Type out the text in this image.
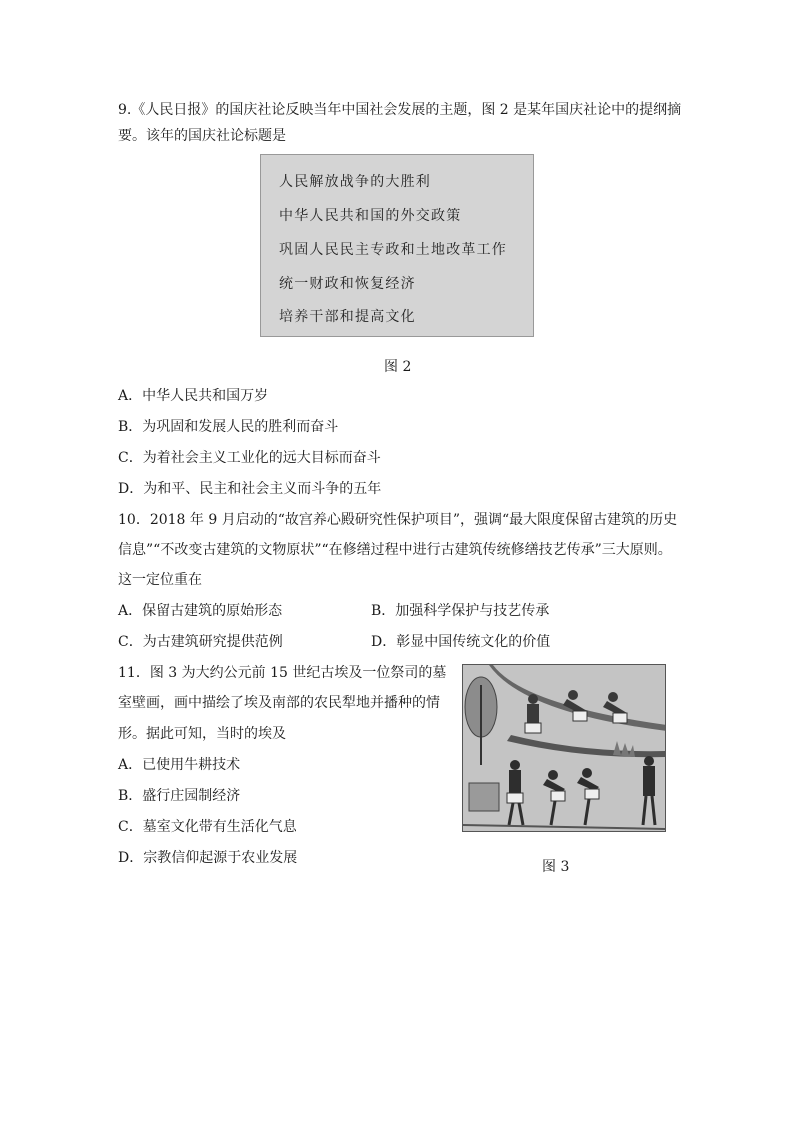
9.《人民日报》的国庆社论反映当年中国社会发展的主题，图 2 是某年国庆社论中的提纲摘
要。该年的国庆社论标题是
人民解放战争的大胜利
中华人民共和国的外交政策
巩固人民民主专政和土地改革工作
统一财政和恢复经济
培养干部和提高文化
图 2
A．中华人民共和国万岁
B．为巩固和发展人民的胜利而奋斗
C．为着社会主义工业化的远大目标而奋斗
D．为和平、民主和社会主义而斗争的五年
10．2018 年 9 月启动的“故宫养心殿研究性保护项目”，强调“最大限度保留古建筑的历史
信息”“不改变古建筑的文物原状”“在修缮过程中进行古建筑传统修缮技艺传承”三大原则。
这一定位重在
A．保留古建筑的原始形态	B．加强科学保护与技艺传承
C．为古建筑研究提供范例	D．彰显中国传统文化的价值
11．图 3 为大约公元前 15 世纪古埃及一位祭司的墓
室壁画，画中描绘了埃及南部的农民犁地并播种的情
形。据此可知，当时的埃及
A．已使用牛耕技术
B．盛行庄园制经济
C．墓室文化带有生活化气息
D．宗教信仰起源于农业发展
图 3
